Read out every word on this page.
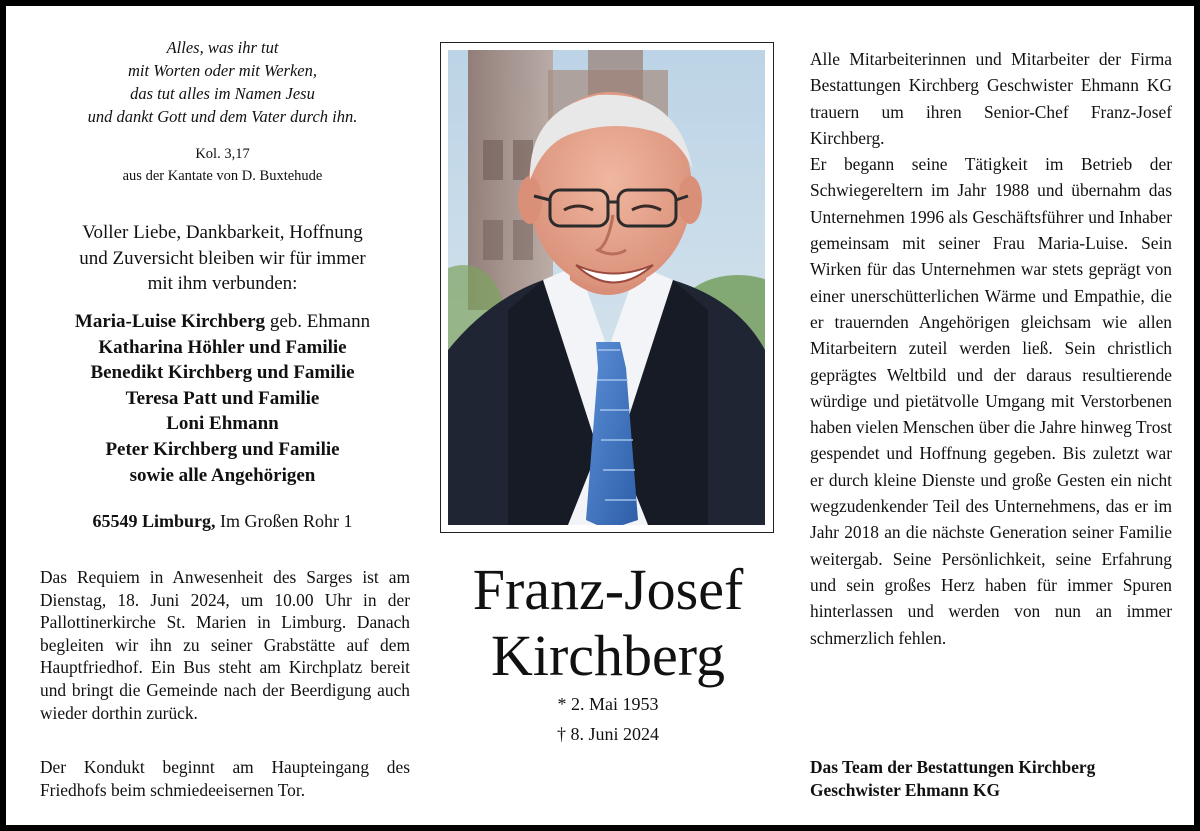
Alles, was ihr tut
mit Worten oder mit Werken,
das tut alles im Namen Jesu
und dankt Gott und dem Vater durch ihn.
Kol. 3,17
aus der Kantate von D. Buxtehude
Voller Liebe, Dankbarkeit, Hoffnung
und Zuversicht bleiben wir für immer
mit ihm verbunden:
Maria-Luise Kirchberg geb. Ehmann
Katharina Höhler und Familie
Benedikt Kirchberg und Familie
Teresa Patt und Familie
Loni Ehmann
Peter Kirchberg und Familie
sowie alle Angehörigen
65549 Limburg, Im Großen Rohr 1
Das Requiem in Anwesenheit des Sarges ist am Dienstag, 18. Juni 2024, um 10.00 Uhr in der Pallottinerkirche St. Marien in Limburg. Danach begleiten wir ihn zu seiner Grabstätte auf dem Hauptfriedhof. Ein Bus steht am Kirchplatz bereit und bringt die Gemeinde nach der Beerdigung auch wieder dorthin zurück.
Der Kondukt beginnt am Haupteingang des Friedhofs beim schmiedeeisernen Tor.
Franz-Josef
Kirchberg
* 2. Mai 1953
† 8. Juni 2024

Alle Mitarbeiterinnen und Mitarbeiter der Firma Bestattungen Kirchberg Geschwister Ehmann KG trauern um ihren Senior-Chef Franz-Josef Kirchberg.

Er begann seine Tätigkeit im Betrieb der Schwiegereltern im Jahr 1988 und übernahm das Unternehmen 1996 als Geschäftsführer und Inhaber gemeinsam mit seiner Frau Maria-Luise. Sein Wirken für das Unternehmen war stets geprägt von einer unerschütterlichen Wärme und Empathie, die er trauernden Angehörigen gleichsam wie allen Mitarbeitern zuteil werden ließ. Sein christlich geprägtes Weltbild und der daraus resultierende würdige und pietätvolle Umgang mit Verstorbenen haben vielen Menschen über die Jahre hinweg Trost gespendet und Hoffnung gegeben. Bis zuletzt war er durch kleine Dienste und große Gesten ein nicht wegzudenkender Teil des Unternehmens, das er im Jahr 2018 an die nächste Generation seiner Familie weitergab. Seine Persönlichkeit, seine Erfahrung und sein großes Herz haben für immer Spuren hinterlassen und werden von nun an immer schmerzlich fehlen.

Das Team der Bestattungen Kirchberg
Geschwister Ehmann KG
